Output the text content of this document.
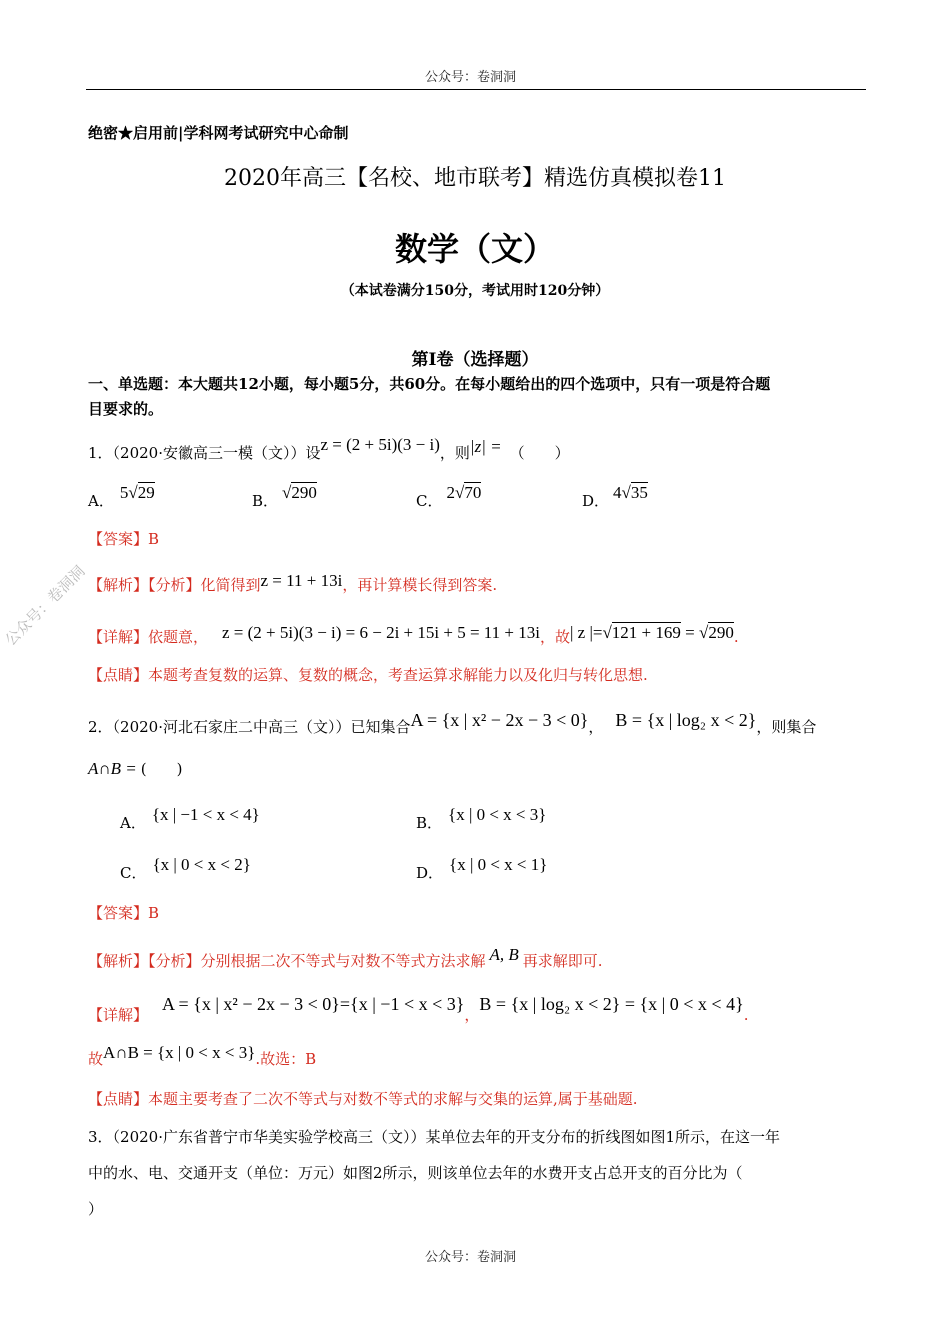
公众号：卷洞洞
公众号：卷洞洞
绝密★启用前|学科网考试研究中心命制
2020年高三【名校、地市联考】精选仿真模拟卷11
数学（文）
（本试卷满分150分，考试用时120分钟）
第Ⅰ卷（选择题）
一、单选题：本大题共12小题，每小题5分，共60分。在每小题给出的四个选项中，只有一项是符合题
目要求的。
1．（2020·安徽高三一模（文））设z = (2 + 5i)(3 − i)，则|z| = （　　）
A． 5√29	B． √290	C． 2√70	D． 4√35
【答案】B
【解析】【分析】化简得到z = 11 + 13i，再计算模长得到答案.
【详解】依题意， z = (2 + 5i)(3 − i) = 6 − 2i + 15i + 5 = 11 + 13i，故| z |=√121 + 169 = √290.
【点睛】本题考查复数的运算、复数的概念，考查运算求解能力以及化归与转化思想.
2．（2020·河北石家庄二中高三（文））已知集合A = {x | x² − 2x − 3 < 0}， B = {x | log₂ x < 2}，则集合
A∩B = (　　)
A． {x | −1 < x < 4}	B． {x | 0 < x < 3}
C． {x | 0 < x < 2}	D． {x | 0 < x < 1}
【答案】B
【解析】【分析】分别根据二次不等式与对数不等式方法求解 A, B 再求解即可.
【详解】A = {x | x² − 2x − 3 < 0}={x | −1 < x < 3}，B = {x | log₂ x < 2} = {x | 0 < x < 4}.
故A∩B = {x | 0 < x < 3}.故选：B
【点睛】本题主要考查了二次不等式与对数不等式的求解与交集的运算,属于基础题.
3．（2020·广东省普宁市华美实验学校高三（文））某单位去年的开支分布的折线图如图1所示，在这一年
中的水、电、交通开支（单位：万元）如图2所示，则该单位去年的水费开支占总开支的百分比为（
）
公众号：卷洞洞
